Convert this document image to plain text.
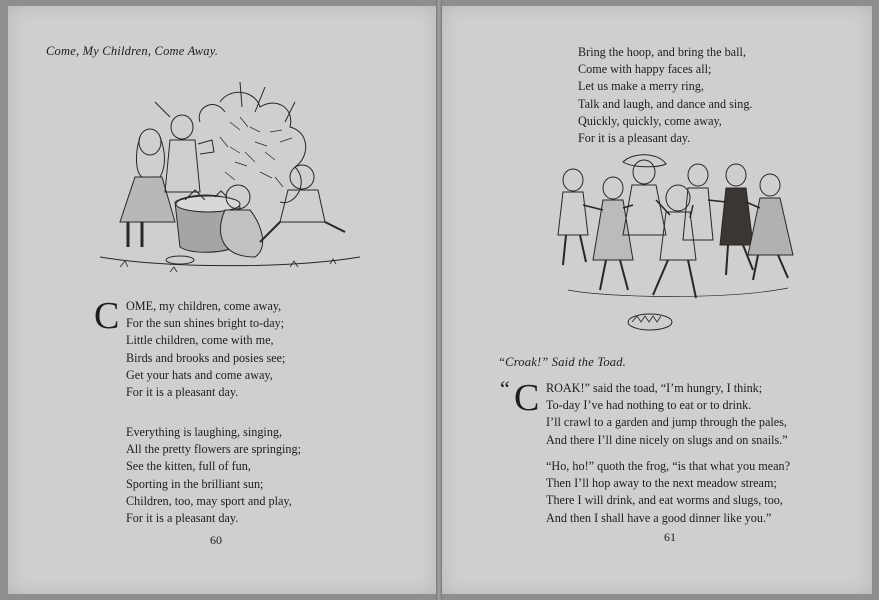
Come, My Children, Come Away.
C OME, my children, come away,
For the sun shines bright to-day;
Little children, come with me,
Birds and brooks and posies see;
Get your hats and come away,
For it is a pleasant day.
Everything is laughing, singing,
All the pretty flowers are springing;
See the kitten, full of fun,
Sporting in the brilliant sun;
Children, too, may sport and play,
For it is a pleasant day.
60
Bring the hoop, and bring the ball,
Come with happy faces all;
Let us make a merry ring,
Talk and laugh, and dance and sing.
Quickly, quickly, come away,
For it is a pleasant day.
“Croak!” Said the Toad.
“ C ROAK!” said the toad, “I’m hungry, I think;
To-day I’ve had nothing to eat or to drink.
I’ll crawl to a garden and jump through the pales,
And there I’ll dine nicely on slugs and on snails.”
“Ho, ho!” quoth the frog, “is that what you mean?
Then I’ll hop away to the next meadow stream;
There I will drink, and eat worms and slugs, too,
And then I shall have a good dinner like you.”
61
